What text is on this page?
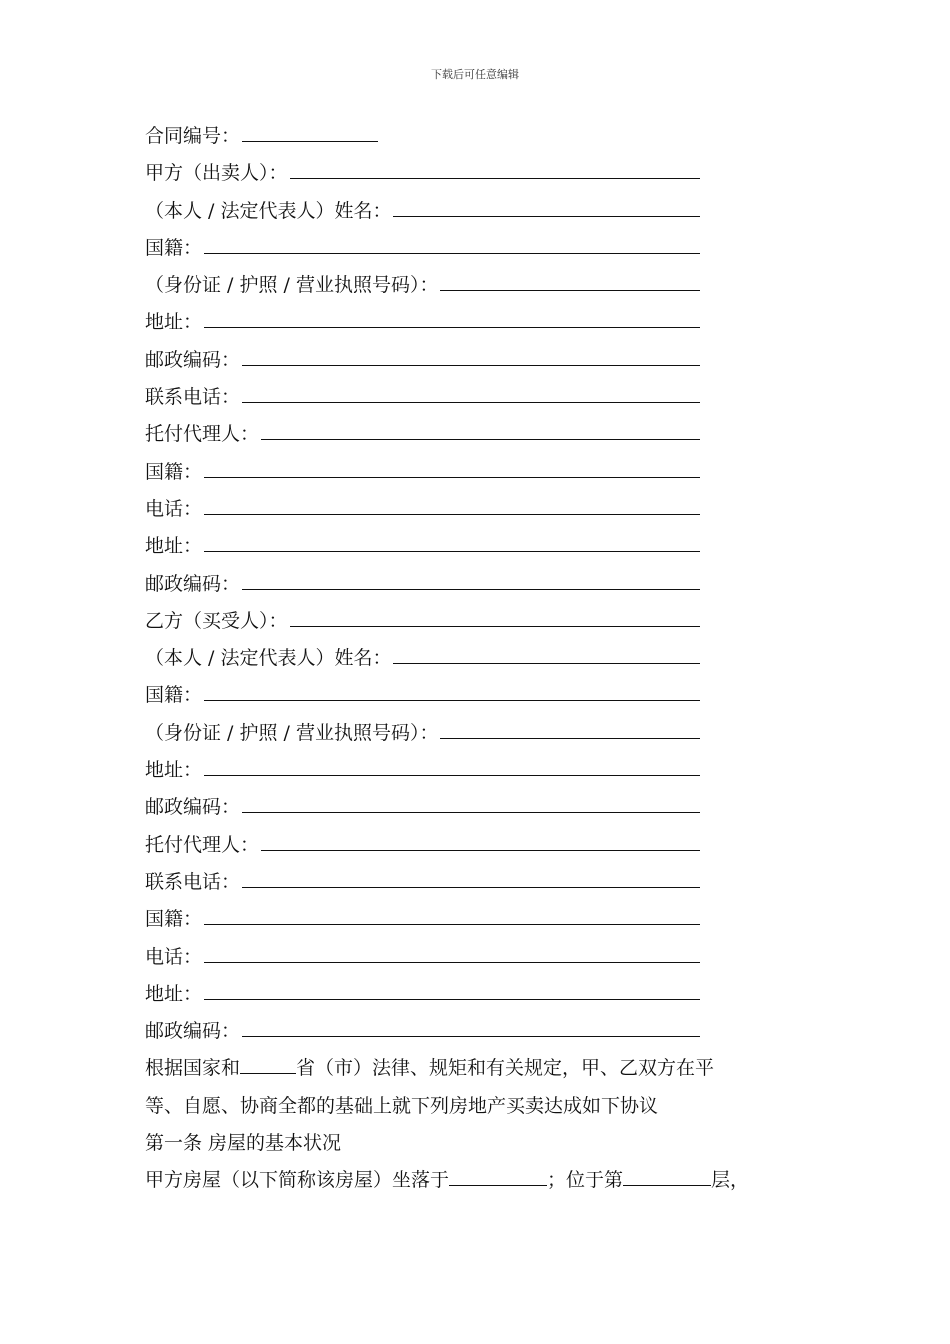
下载后可任意编辑
合同编号：
甲方（出卖人）：
（本人 / 法定代表人）姓名：
国籍：
（身份证 / 护照 / 营业执照号码）：
地址：
邮政编码：
联系电话：
托付代理人：
国籍：
电话：
地址：
邮政编码：
乙方（买受人）：
（本人 / 法定代表人）姓名：
国籍：
（身份证 / 护照 / 营业执照号码）：
地址：
邮政编码：
托付代理人：
联系电话：
国籍：
电话：
地址：
邮政编码：
根据国家和	省（市）法律、规矩和有关规定，甲、乙双方在平
等、自愿、协商全都的基础上就下列房地产买卖达成如下协议
第一条 房屋的基本状况
甲方房屋（以下简称该房屋）坐落于	；位于第	层，
